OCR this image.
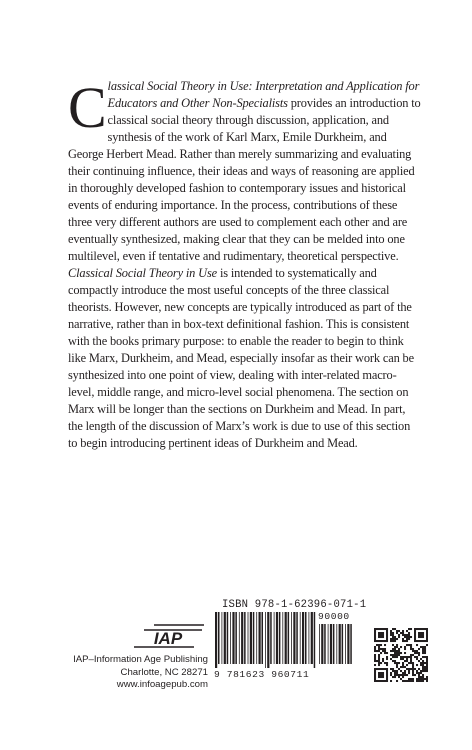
Classical Social Theory in Use: Interpretation and Application for Educators and Other Non-Specialists provides an introduction to classical social theory through discussion, application, and synthesis of the work of Karl Marx, Emile Durkheim, and George Herbert Mead. Rather than merely summarizing and evaluating their continuing influence, their ideas and ways of reasoning are applied in thoroughly developed fashion to contemporary issues and historical events of enduring importance. In the process, contributions of these three very different authors are used to complement each other and are eventually synthesized, making clear that they can be melded into one multilevel, even if tentative and rudimentary, theoretical perspective. Classical Social Theory in Use is intended to systematically and compactly introduce the most useful concepts of the three classical theorists. However, new concepts are typically introduced as part of the narrative, rather than in box-text definitional fashion. This is consistent with the books primary purpose: to enable the reader to begin to think like Marx, Durkheim, and Mead, especially insofar as their work can be synthesized into one point of view, dealing with inter-related macro-level, middle range, and micro-level social phenomena. The section on Marx will be longer than the sections on Durkheim and Mead. In part, the length of the discussion of Marx’s work is due to use of this section to begin introducing pertinent ideas of Durkheim and Mead.
IAP

IAP–Information Age Publishing

Charlotte, NC 28271

www.infoagepub.com

ISBN 978-1-62396-071-1
90000
9 781623 960711
